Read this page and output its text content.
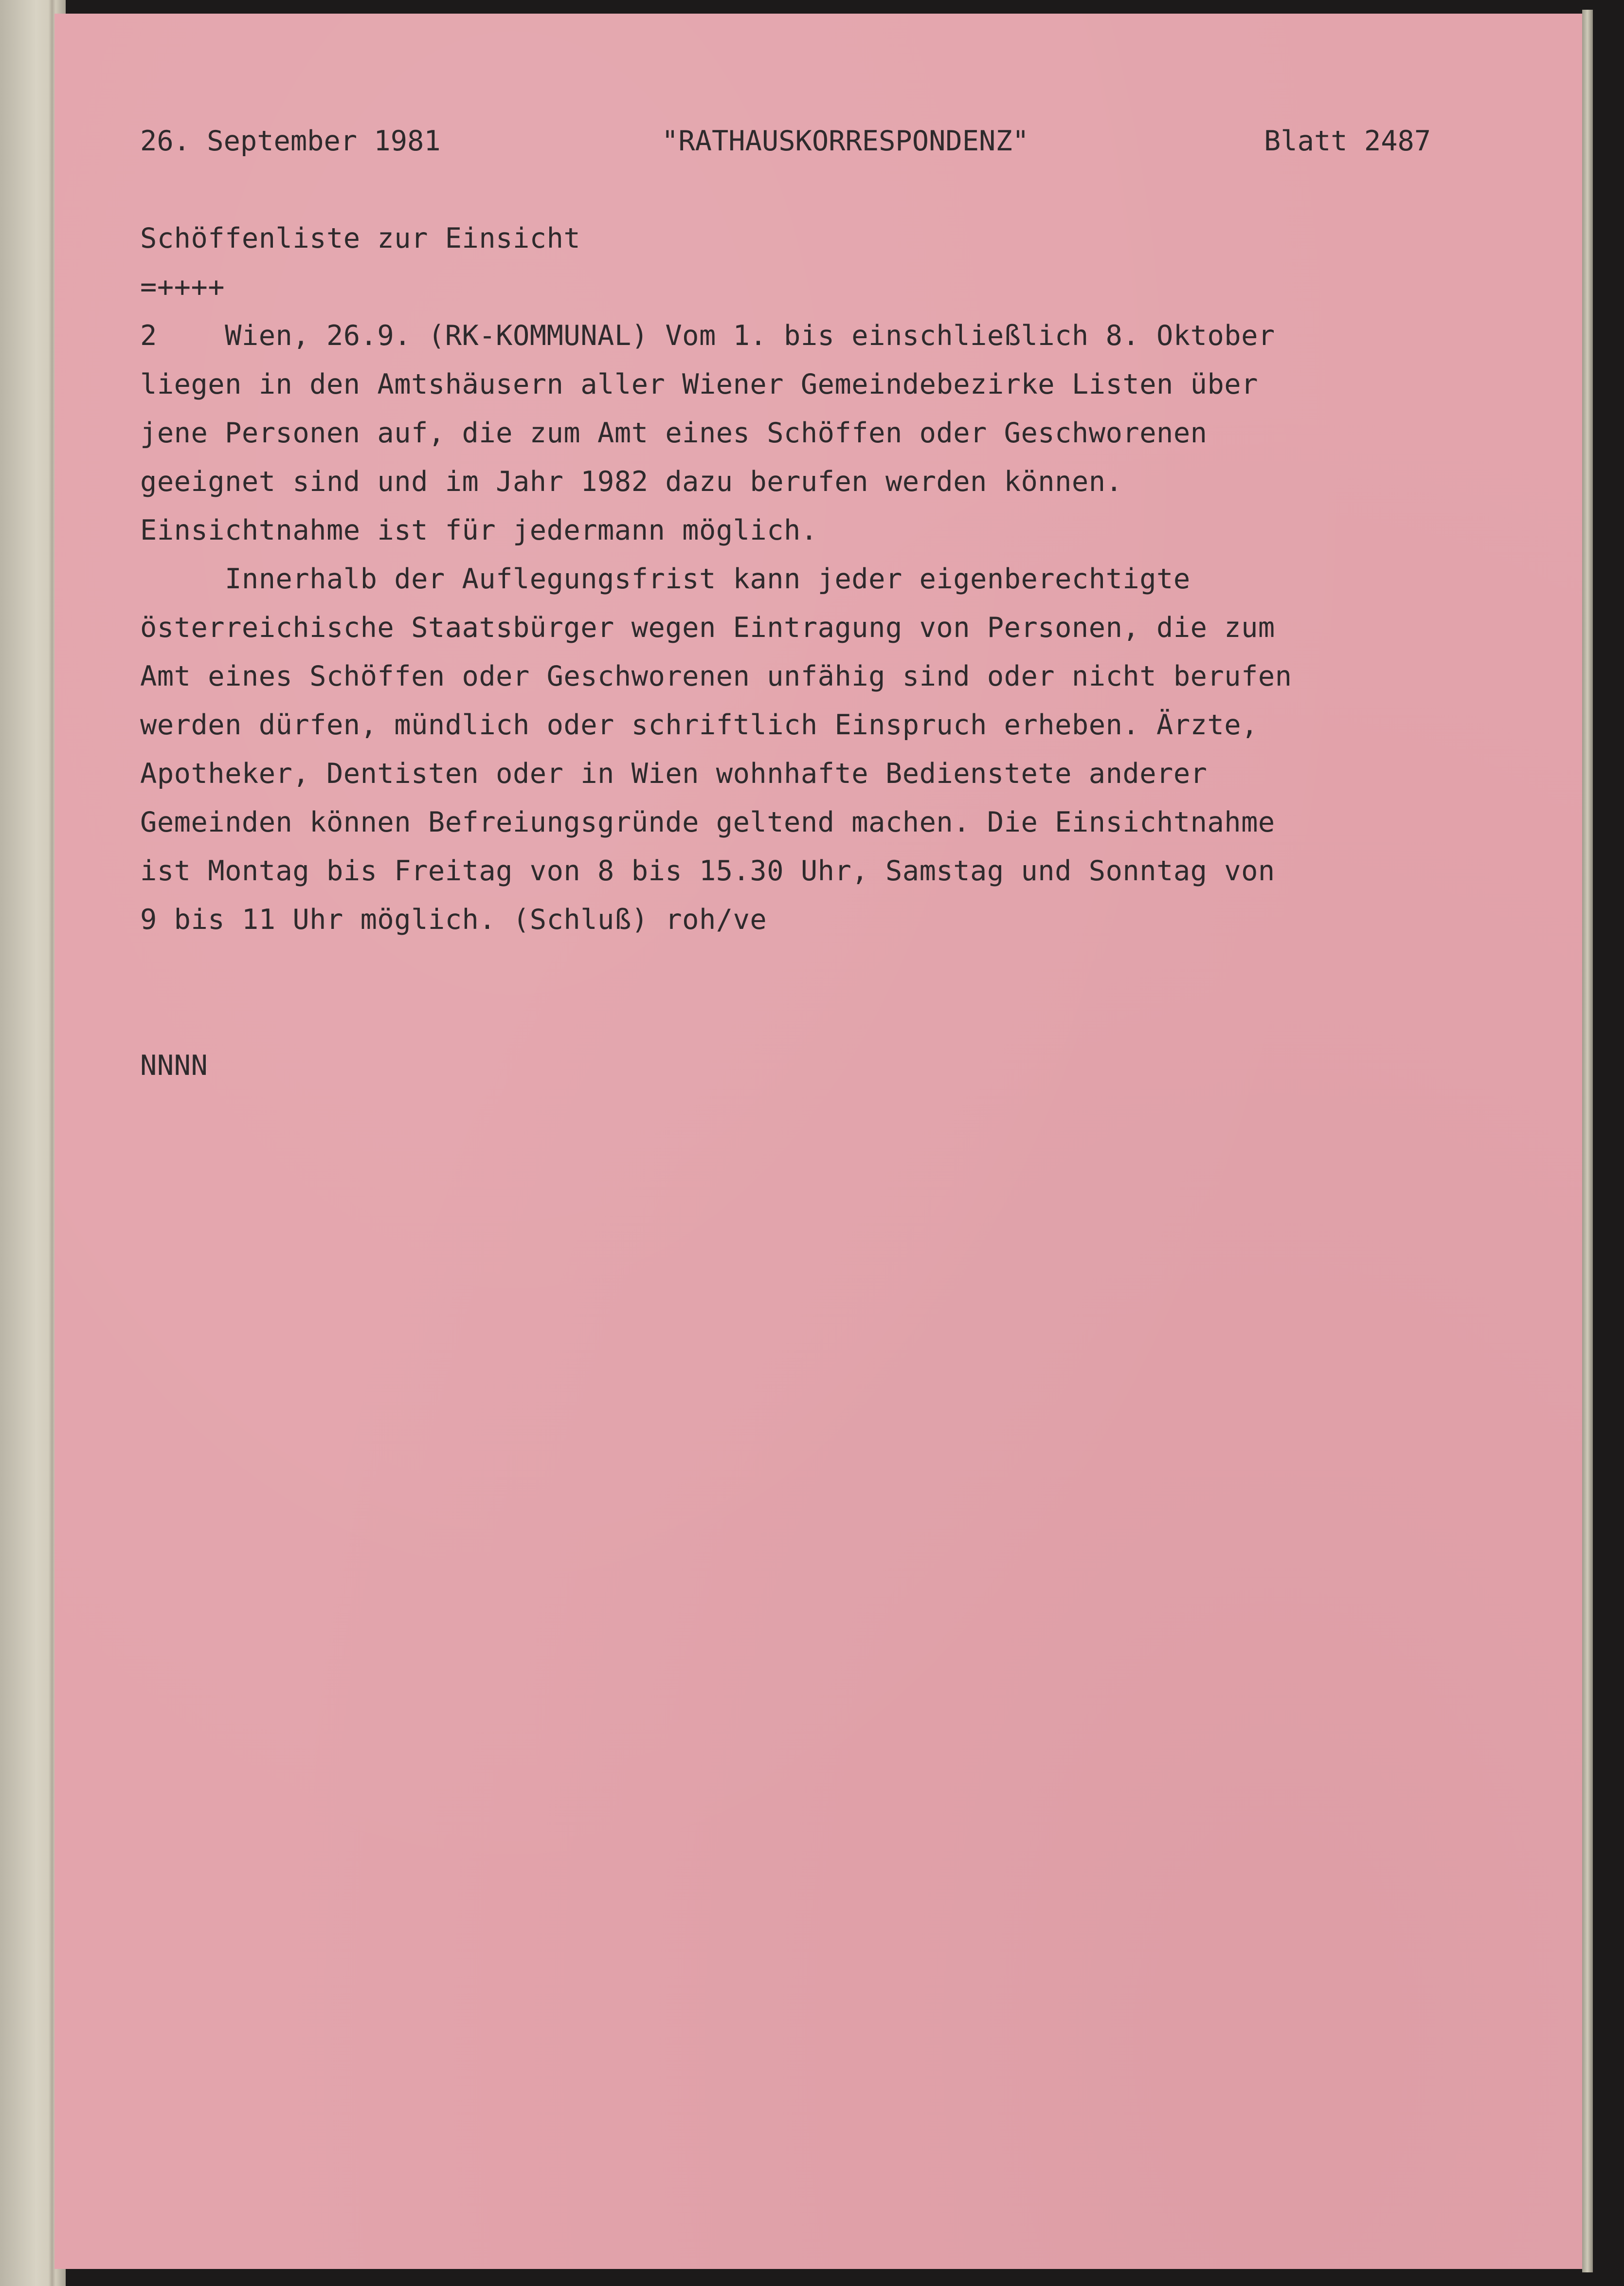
26. September 1981	"RATHAUSKORRESPONDENZ"	Blatt 2487

Schöffenliste zur Einsicht

=++++

2    Wien, 26.9. (RK-KOMMUNAL) Vom 1. bis einschließlich 8. Oktober

liegen in den Amtshäusern aller Wiener Gemeindebezirke Listen über

jene Personen auf, die zum Amt eines Schöffen oder Geschworenen

geeignet sind und im Jahr 1982 dazu berufen werden können.

Einsichtnahme ist für jedermann möglich.

Innerhalb der Auflegungsfrist kann jeder eigenberechtigte

österreichische Staatsbürger wegen Eintragung von Personen, die zum

Amt eines Schöffen oder Geschworenen unfähig sind oder nicht berufen

werden dürfen, mündlich oder schriftlich Einspruch erheben. Ärzte,

Apotheker, Dentisten oder in Wien wohnhafte Bedienstete anderer

Gemeinden können Befreiungsgründe geltend machen. Die Einsichtnahme

ist Montag bis Freitag von 8 bis 15.30 Uhr, Samstag und Sonntag von

9 bis 11 Uhr möglich. (Schluß) roh/ve

NNNN
